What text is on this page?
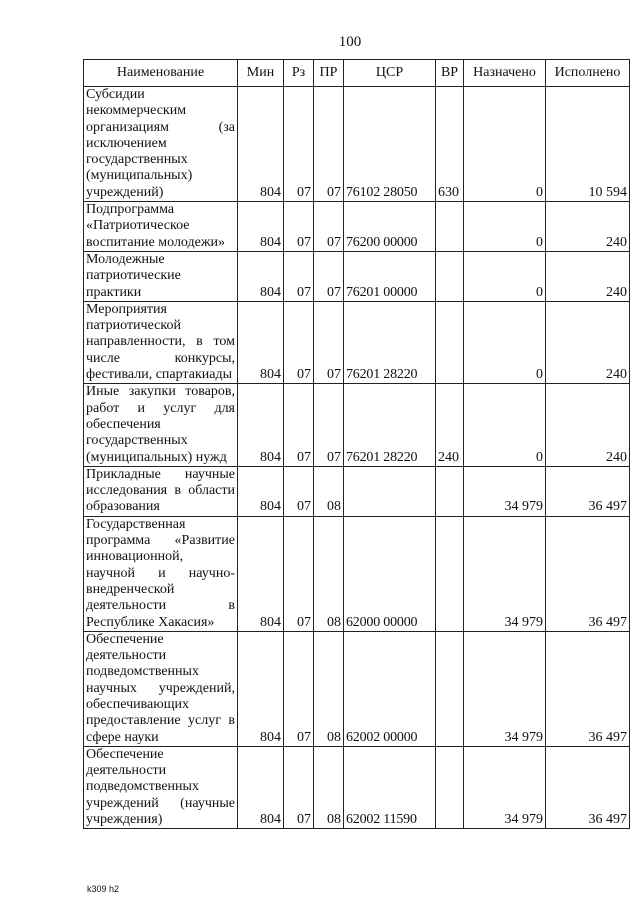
100
Наименование	Мин	Рз	ПР	ЦСР	ВР	Назначено	Исполнено
Субсидии некоммерческим организациям (за исключением государственных (муниципальных) учреждений)	804	07	07	76102 28050	630	0	10 594
Подпрограмма «Патриотическое воспитание молодежи»	804	07	07	76200 00000		0	240
Молодежные патриотические практики	804	07	07	76201 00000		0	240
Мероприятия патриотической направленности, в том числе конкурсы, фестивали, спартакиады	804	07	07	76201 28220		0	240
Иные закупки товаров, работ и услуг для обеспечения государственных (муниципальных) нужд	804	07	07	76201 28220	240	0	240
Прикладные научные исследования в области образования	804	07	08			34 979	36 497
Государственная программа «Развитие инновационной, научной и научно-внедренческой деятельности в Республике Хакасия»	804	07	08	62000 00000		34 979	36 497
Обеспечение деятельности подведомственных научных учреждений, обеспечивающих предоставление услуг в сфере науки	804	07	08	62002 00000		34 979	36 497
Обеспечение деятельности подведомственных учреждений (научные учреждения)	804	07	08	62002 11590		34 979	36 497
k309 h2
